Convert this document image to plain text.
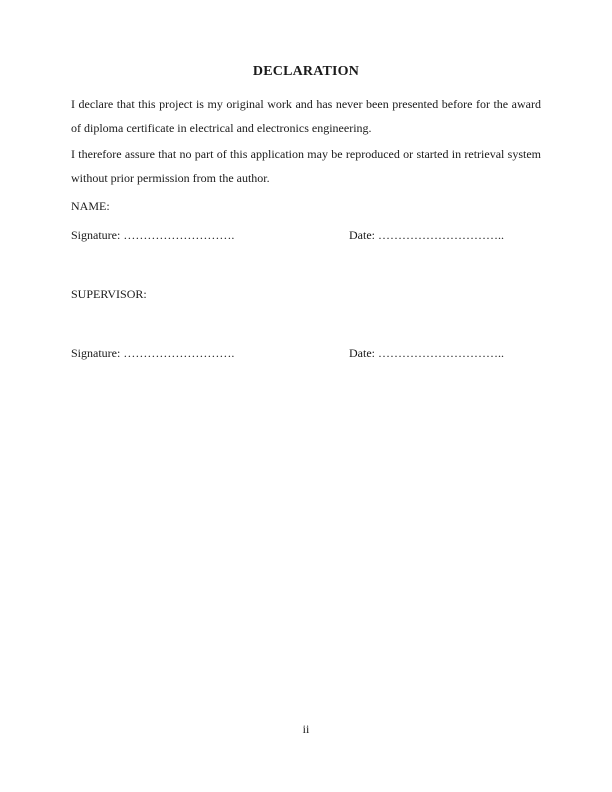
DECLARATION

I declare that this project is my original work and has never been presented before for the award of diploma certificate in electrical and electronics engineering.

I therefore assure that no part of this application may be reproduced or started in retrieval system without prior permission from the author.

NAME:
Signature: ……………………….	Date: …………………………..
SUPERVISOR:
Signature: ……………………….	Date: …………………………..
ii
